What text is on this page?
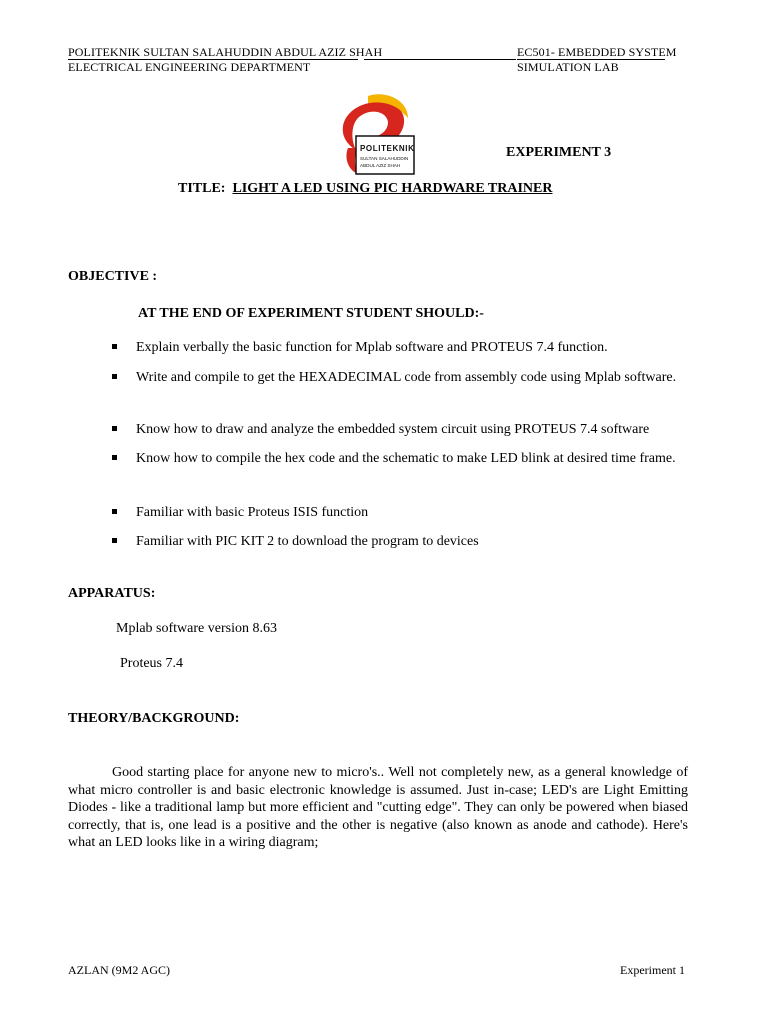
POLITEKNIK SULTAN SALAHUDDIN ABDUL AZIZ SHAH
ELECTRICAL ENGINEERING DEPARTMENT
EC501- EMBEDDED SYSTEM
SIMULATION LAB
POLITEKNIK
SULTAN SALAHUDDIN
ABDUL AZIZ SHAH
EXPERIMENT 3
TITLE: LIGHT A LED USING PIC HARDWARE TRAINER
OBJECTIVE :
AT THE END OF EXPERIMENT STUDENT SHOULD:-
Explain verbally the basic function for Mplab software and PROTEUS 7.4 function.
Write and compile to get the HEXADECIMAL code from assembly code using Mplab software.
Know how to draw and analyze the embedded system circuit using PROTEUS 7.4 software
Know how to compile the hex code and the schematic to make LED blink at desired time frame.
Familiar with basic Proteus ISIS function
Familiar with PIC KIT 2 to download the program to devices
APPARATUS:
Mplab software version 8.63
Proteus 7.4
THEORY/BACKGROUND:
Good starting place for anyone new to micro's.. Well not completely new, as a general knowledge of what micro controller is and basic electronic knowledge is assumed. Just in-case; LED's are Light Emitting Diodes - like a traditional lamp but more efficient and "cutting edge". They can only be powered when biased correctly, that is, one lead is a positive and the other is negative (also known as anode and cathode). Here's what an LED looks like in a wiring diagram;
AZLAN (9M2 AGC)	Experiment 1
